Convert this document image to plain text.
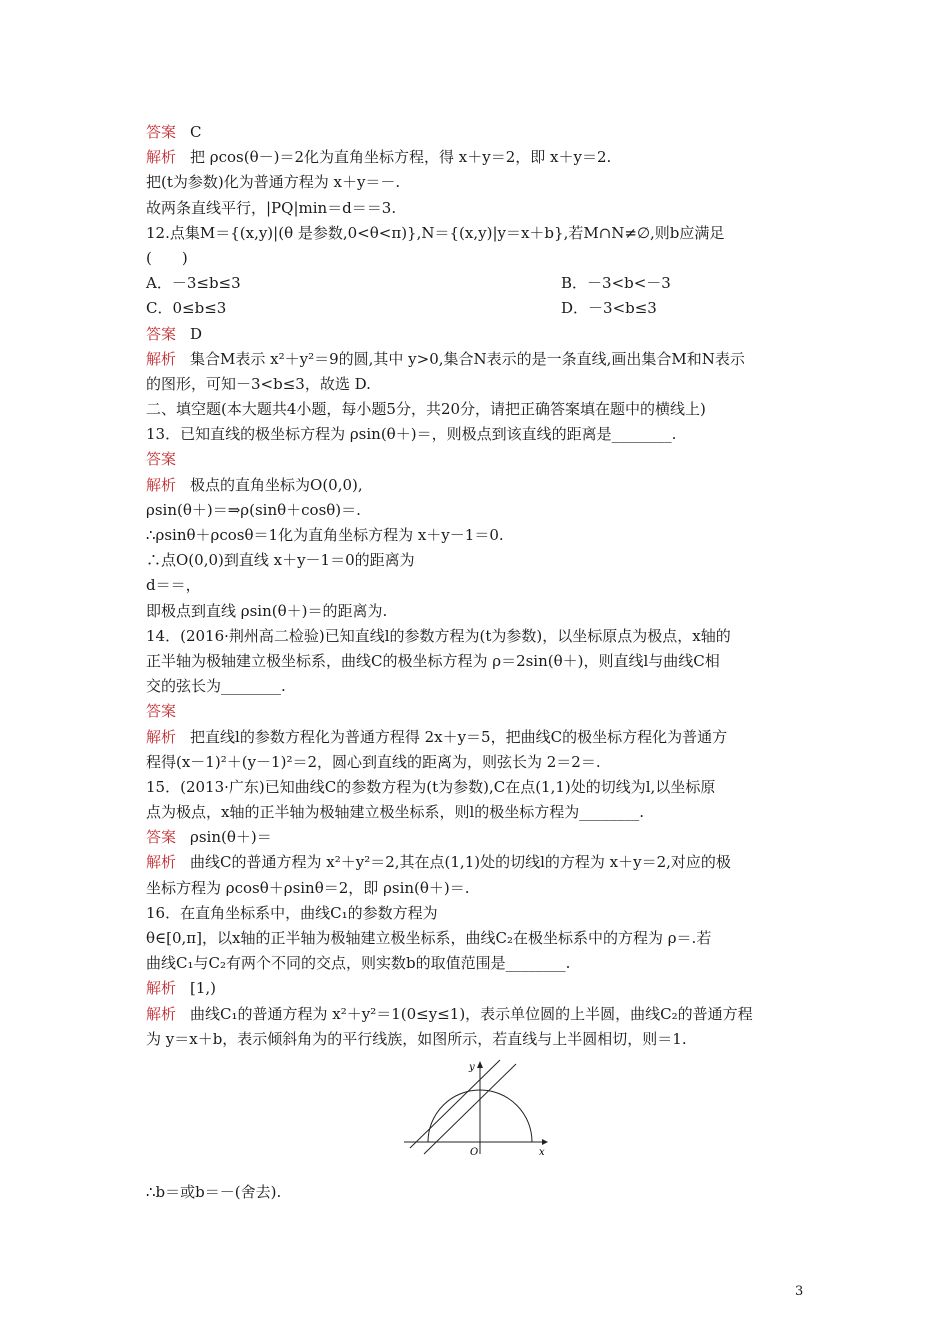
答案 C
解析 把 ρcos(θ－)＝2化为直角坐标方程，得 x＋y＝2，即 x＋y＝2.
把(t为参数)化为普通方程为 x＋y＝－.
故两条直线平行，|PQ|min＝d＝＝3.
12.点集M＝{(x,y)|(θ 是参数,0<θ<π)},N＝{(x,y)|y＝x＋b},若M∩N≠∅,则b应满足
(　　)
A．－3≤b≤3	B．－3<b<－3
C．0≤b≤3	D．－3<b≤3
答案 D
解析 集合M表示 x²＋y²＝9的圆,其中 y>0,集合N表示的是一条直线,画出集合M和N表示
的图形，可知－3<b≤3，故选 D.
二、填空题(本大题共4小题，每小题5分，共20分，请把正确答案填在题中的横线上)
13．已知直线的极坐标方程为 ρsin(θ＋)＝，则极点到该直线的距离是________.
答案
解析 极点的直角坐标为O(0,0),
ρsin(θ＋)＝⇒ρ(sinθ＋cosθ)＝.
∴ρsinθ＋ρcosθ＝1化为直角坐标方程为 x＋y－1＝0.
∴点O(0,0)到直线 x＋y－1＝0的距离为
d＝＝，
即极点到直线 ρsin(θ＋)＝的距离为.
14．(2016·荆州高二检验)已知直线l的参数方程为(t为参数)，以坐标原点为极点，x轴的
正半轴为极轴建立极坐标系，曲线C的极坐标方程为 ρ＝2sin(θ＋)，则直线l与曲线C相
交的弦长为________.
答案
解析 把直线l的参数方程化为普通方程得 2x＋y＝5，把曲线C的极坐标方程化为普通方
程得(x－1)²＋(y－1)²＝2，圆心到直线的距离为，则弦长为 2＝2＝.
15．(2013·广东)已知曲线C的参数方程为(t为参数),C在点(1,1)处的切线为l,以坐标原
点为极点，x轴的正半轴为极轴建立极坐标系，则l的极坐标方程为________.
答案 ρsin(θ＋)＝
解析 曲线C的普通方程为 x²＋y²＝2,其在点(1,1)处的切线l的方程为 x＋y＝2,对应的极
坐标方程为 ρcosθ＋ρsinθ＝2，即 ρsin(θ＋)＝.
16．在直角坐标系中，曲线C₁的参数方程为
θ∈[0,π]，以x轴的正半轴为极轴建立极坐标系，曲线C₂在极坐标系中的方程为 ρ＝.若
曲线C₁与C₂有两个不同的交点，则实数b的取值范围是________.
解析 [1,)
解析 曲线C₁的普通方程为 x²＋y²＝1(0≤y≤1)，表示单位圆的上半圆，曲线C₂的普通方程
为 y＝x＋b，表示倾斜角为的平行线族，如图所示，若直线与上半圆相切，则＝1.
x
y
O
∴b＝或b＝－(舍去).
3
